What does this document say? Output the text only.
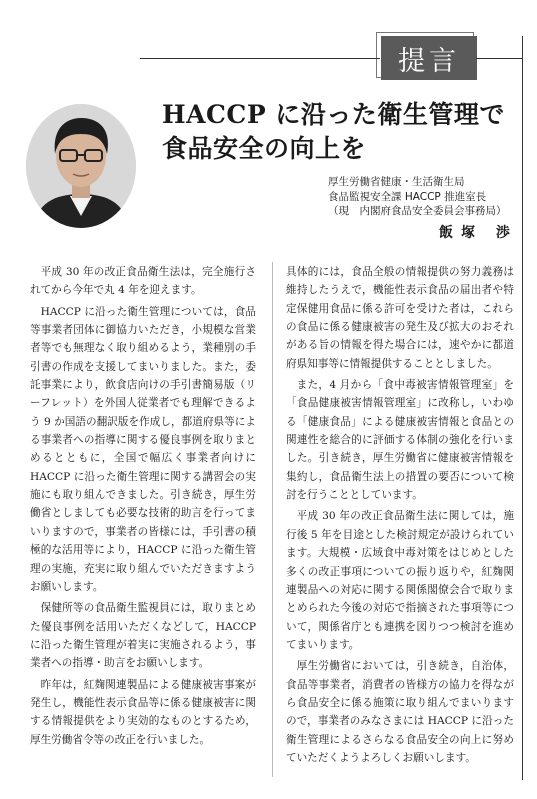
提言
HACCP に沿った衛生管理で
食品安全の向上を
厚生労働省健康・生活衛生局
食品監視安全課 HACCP 推進室長
（現　内閣府食品安全委員会事務局）
飯塚 渉

平成 30 年の改正食品衛生法は，完全施行されてから今年で丸 4 年を迎えます。

HACCP に沿った衛生管理については，食品等事業者団体に御協力いただき，小規模な営業者等でも無理なく取り組めるよう，業種別の手引書の作成を支援してまいりました。また，委託事業により，飲食店向けの手引書簡易版（リーフレット）を外国人従業者でも理解できるよう 9 か国語の翻訳版を作成し，都道府県等による事業者への指導に関する優良事例を取りまとめるとともに，全国で幅広く事業者向けに HACCP に沿った衛生管理に関する講習会の実施にも取り組んできました。引き続き，厚生労働省としましても必要な技術的助言を行ってまいりますので，事業者の皆様には，手引書の積極的な活用等により，HACCP に沿った衛生管理の実施，充実に取り組んでいただきますようお願いします。

保健所等の食品衛生監視員には，取りまとめた優良事例を活用いただくなどして，HACCP に沿った衛生管理が着実に実施されるよう，事業者への指導・助言をお願いします。

昨年は，紅麹関連製品による健康被害事案が発生し，機能性表示食品等に係る健康被害に関する情報提供をより実効的なものとするため，厚生労働省令等の改正を行いました。

具体的には，食品全般の情報提供の努力義務は維持したうえで，機能性表示食品の届出者や特定保健用食品に係る許可を受けた者は，これらの食品に係る健康被害の発生及び拡大のおそれがある旨の情報を得た場合には，速やかに都道府県知事等に情報提供することとしました。

また，4 月から「食中毒被害情報管理室」を「食品健康被害情報管理室」に改称し，いわゆる「健康食品」による健康被害情報と食品との関連性を総合的に評価する体制の強化を行いました。引き続き，厚生労働省に健康被害情報を集約し，食品衛生法上の措置の要否について検討を行うこととしています。

平成 30 年の改正食品衛生法に関しては，施行後 5 年を目途とした検討規定が設けられています。大規模・広域食中毒対策をはじめとした多くの改正事項についての振り返りや，紅麹関連製品への対応に関する関係閣僚会合で取りまとめられた今後の対応で指摘された事項等について，関係省庁とも連携を図りつつ検討を進めてまいります。

厚生労働省においては，引き続き，自治体，食品等事業者，消費者の皆様方の協力を得ながら食品安全に係る施策に取り組んでまいりますので，事業者のみなさまには HACCP に沿った衛生管理によるさらなる食品安全の向上に努めていただくようよろしくお願いします。
